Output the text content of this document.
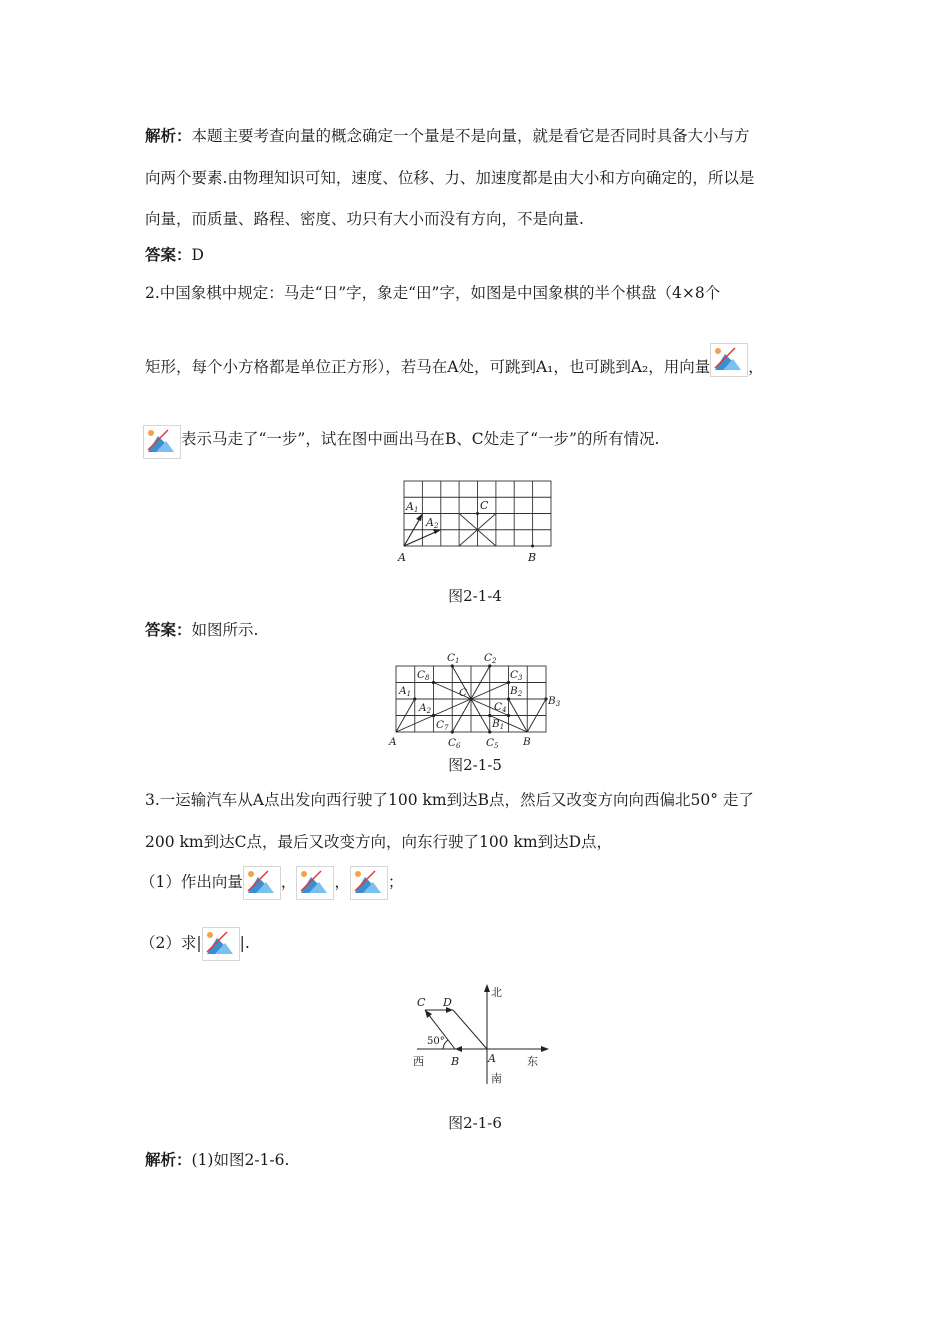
解析：本题主要考查向量的概念确定一个量是不是向量，就是看它是否同时具备大小与方
向两个要素.由物理知识可知，速度、位移、力、加速度都是由大小和方向确定的，所以是
向量，而质量、路程、密度、功只有大小而没有方向，不是向量.
答案：D
2.中国象棋中规定：马走“日”字，象走“田”字，如图是中国象棋的半个棋盘（4×8个
矩形，每个小方格都是单位正方形），若马在A处，可跳到A₁，也可跳到A₂，用向量 ，
表示马走了“一步”，试在图中画出马在B、C处走了“一步”的所有情况.
A1
A2
C
A	B
图2-1-4
答案：如图所示.
C1 C2
C8	C3
A1	C	B2
B3
A2	C4
C7	B1
A	C6 C5 B
图2-1-5
3.一运输汽车从A点出发向西行驶了100 km到达B点，然后又改变方向向西偏北50° 走了
200 km到达C点，最后又改变方向，向东行驶了100 km到达D点，
（1）作出向量 ， ， ；
（2）求| |.
北
南
东
西
C D
B	A
50°
图2-1-6
解析：(1)如图2-1-6.
